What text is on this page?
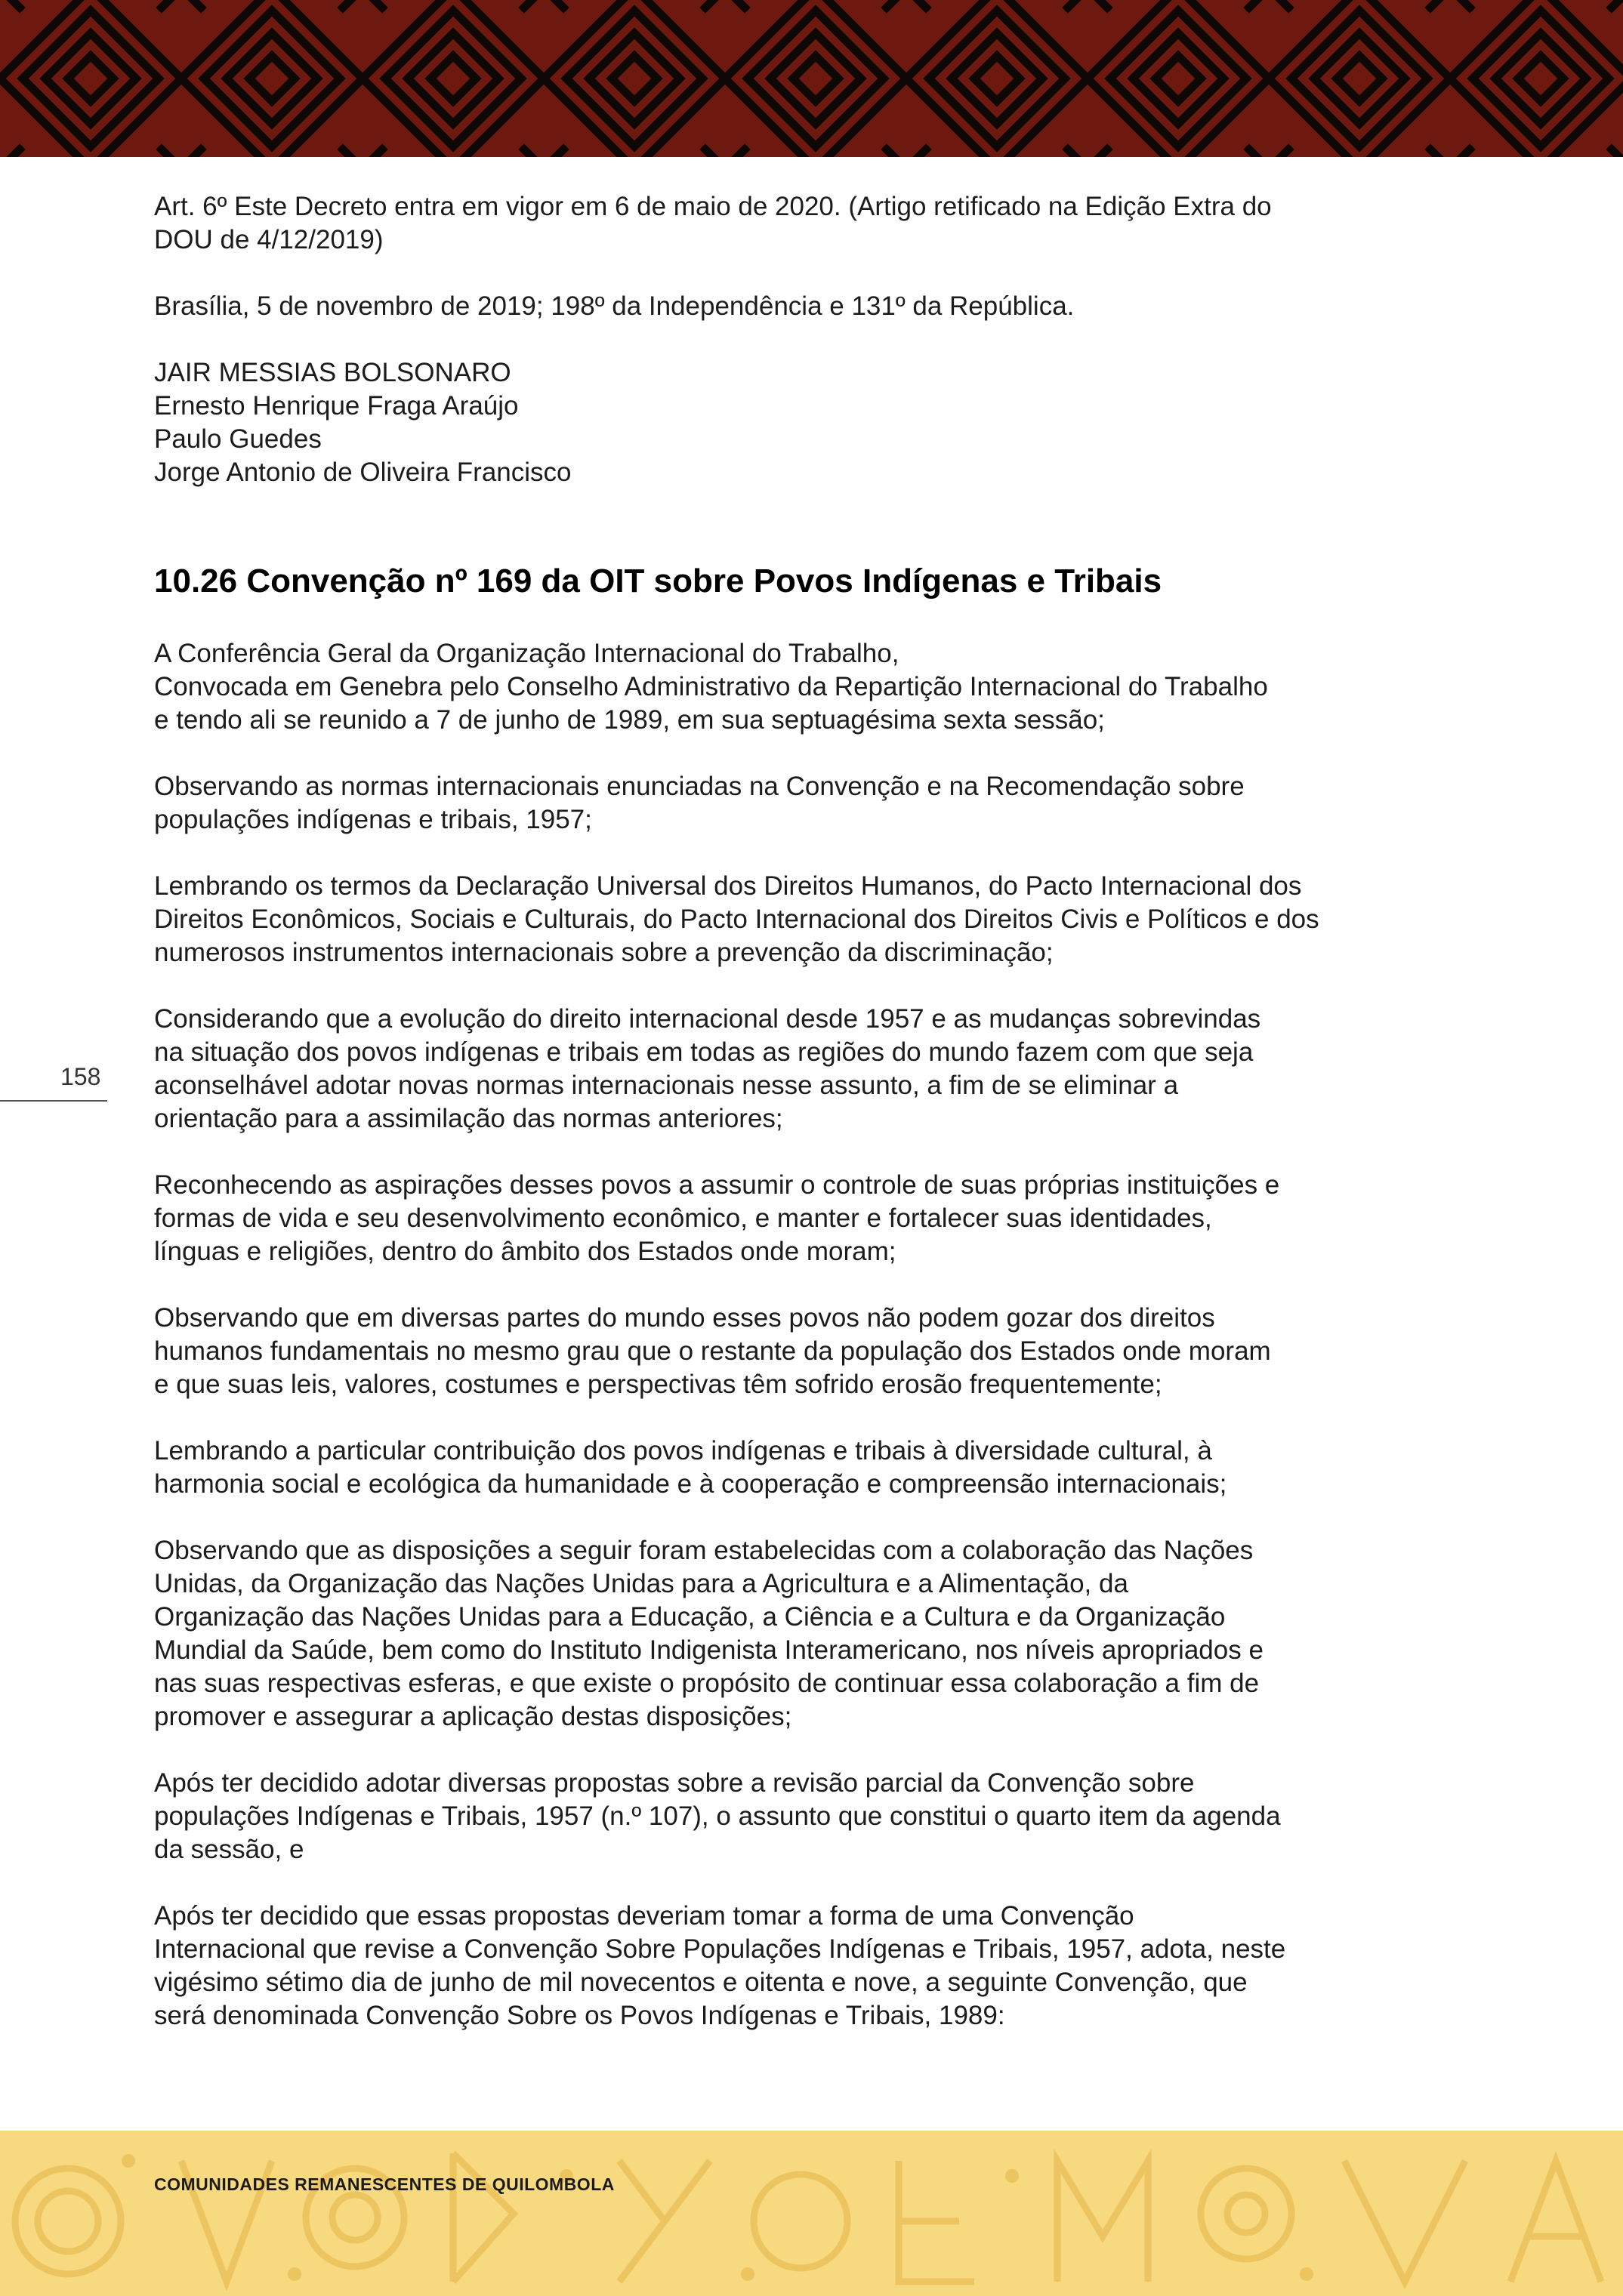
158

Art. 6º Este Decreto entra em vigor em 6 de maio de 2020. (Artigo retificado na Edição Extra do
DOU de 4/12/2019)

Brasília, 5 de novembro de 2019; 198º da Independência e 131º da República.

JAIR MESSIAS BOLSONARO
Ernesto Henrique Fraga Araújo
Paulo Guedes
Jorge Antonio de Oliveira Francisco
10.26 Convenção nº 169 da OIT sobre Povos Indígenas e Tribais

A Conferência Geral da Organização Internacional do Trabalho,
Convocada em Genebra pelo Conselho Administrativo da Repartição Internacional do Trabalho
e tendo ali se reunido a 7 de junho de 1989, em sua septuagésima sexta sessão;

Observando as normas internacionais enunciadas na Convenção e na Recomendação sobre
populações indígenas e tribais, 1957;

Lembrando os termos da Declaração Universal dos Direitos Humanos, do Pacto Internacional dos
Direitos Econômicos, Sociais e Culturais, do Pacto Internacional dos Direitos Civis e Políticos e dos
numerosos instrumentos internacionais sobre a prevenção da discriminação;

Considerando que a evolução do direito internacional desde 1957 e as mudanças sobrevindas
na situação dos povos indígenas e tribais em todas as regiões do mundo fazem com que seja
aconselhável adotar novas normas internacionais nesse assunto, a fim de se eliminar a
orientação para a assimilação das normas anteriores;

Reconhecendo as aspirações desses povos a assumir o controle de suas próprias instituições e
formas de vida e seu desenvolvimento econômico, e manter e fortalecer suas identidades,
línguas e religiões, dentro do âmbito dos Estados onde moram;

Observando que em diversas partes do mundo esses povos não podem gozar dos direitos
humanos fundamentais no mesmo grau que o restante da população dos Estados onde moram
e que suas leis, valores, costumes e perspectivas têm sofrido erosão frequentemente;

Lembrando a particular contribuição dos povos indígenas e tribais à diversidade cultural, à
harmonia social e ecológica da humanidade e à cooperação e compreensão internacionais;

Observando que as disposições a seguir foram estabelecidas com a colaboração das Nações
Unidas, da Organização das Nações Unidas para a Agricultura e a Alimentação, da
Organização das Nações Unidas para a Educação, a Ciência e a Cultura e da Organização
Mundial da Saúde, bem como do Instituto Indigenista Interamericano, nos níveis apropriados e
nas suas respectivas esferas, e que existe o propósito de continuar essa colaboração a fim de
promover e assegurar a aplicação destas disposições;

Após ter decidido adotar diversas propostas sobre a revisão parcial da Convenção sobre
populações Indígenas e Tribais, 1957 (n.º 107), o assunto que constitui o quarto item da agenda
da sessão, e

Após ter decidido que essas propostas deveriam tomar a forma de uma Convenção
Internacional que revise a Convenção Sobre Populações Indígenas e Tribais, 1957, adota, neste
vigésimo sétimo dia de junho de mil novecentos e oitenta e nove, a seguinte Convenção, que
será denominada Convenção Sobre os Povos Indígenas e Tribais, 1989:

COMUNIDADES REMANESCENTES DE QUILOMBOLA
